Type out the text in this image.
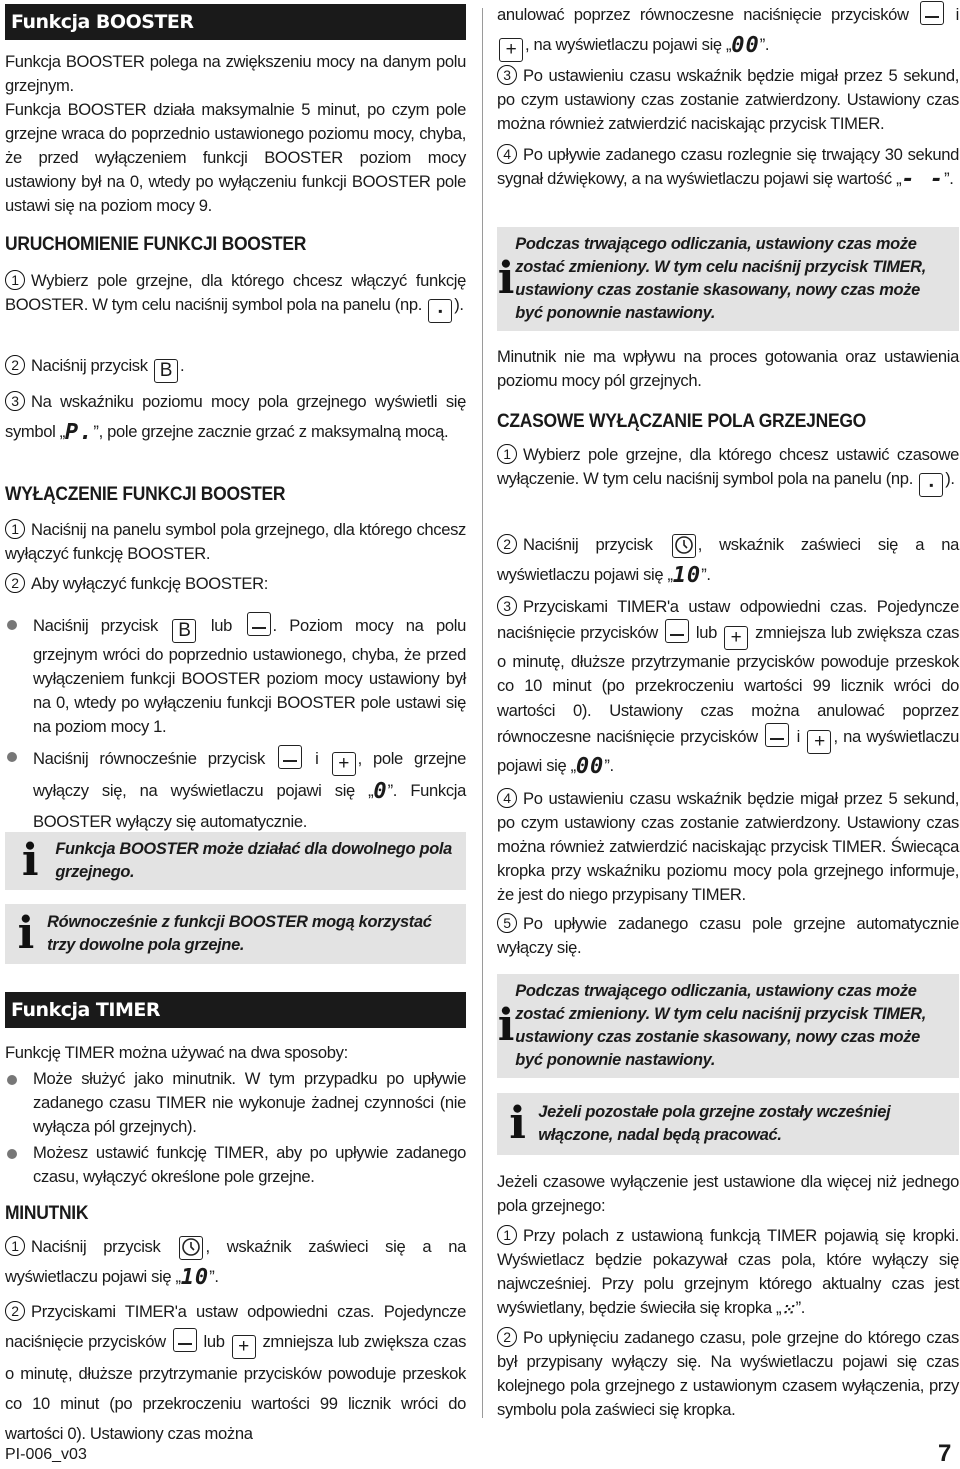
Funkcja BOOSTER

Funkcja BOOSTER polega na zwiększeniu mocy na danym polu grzejnym.

Funkcja BOOSTER działa maksymalnie 5 minut, po czym pole grzejne wraca do poprzednio ustawionego poziomu mocy, chyba, że przed wyłączeniem funkcji BOOSTER poziom mocy ustawiony był na 0, wtedy po wyłączeniu funkcji BOOSTER pole ustawi się na poziom mocy 9.

URUCHOMIENIE FUNKCJI BOOSTER

1 Wybierz pole grzejne, dla którego chcesz włączyć funkcję BOOSTER. W tym celu naciśnij symbol pola na panelu (np. ▪ ).

2 Naciśnij przycisk B .

3 Na wskaźniku poziomu mocy pola grzejnego wyświetli się symbol „P.”, pole grzejne zacznie grzać z maksymalną mocą.

WYŁĄCZENIE FUNKCJI BOOSTER

1 Naciśnij na panelu symbol pola grzejnego, dla którego chcesz wyłączyć funkcję BOOSTER.

2 Aby wyłączyć funkcję BOOSTER:

Naciśnij przycisk B lub . Poziom mocy na polu grzejnym wróci do poprzednio ustawionego, chyba, że przed wyłączeniem funkcji BOOSTER poziom mocy ustawiony był na 0, wtedy po wyłączeniu funkcji BOOSTER pole ustawi się na poziom mocy 1.

Naciśnij równocześnie przycisk	i + , pole grzejne wyłączy się, na wyświetlaczu pojawi się „0”. Funkcja BOOSTER wyłączy się automatycznie.

i Funkcja BOOSTER może działać dla dowolnego pola grzejnego.
i Równocześnie z funkcji BOOSTER mogą korzystać trzy dowolne pola grzejne.
Funkcja TIMER

Funkcję TIMER można używać na dwa sposoby:

Może służyć jako minutnik. W tym przypadku po upływie zadanego czasu TIMER nie wykonuje żadnej czynności (nie wyłącza pól grzejnych).

Możesz ustawić funkcję TIMER, aby po upływie zadanego czasu, wyłączyć określone pole grzejne.

MINUTNIK

1 Naciśnij przycisk	, wskaźnik zaświeci się a na wyświetlaczu pojawi się „10”.

2 Przyciskami TIMER'a ustaw odpowiedni czas. Pojedyncze naciśnięcie przycisków lub + zmniejsza lub zwiększa czas o minutę, dłuższe przytrzymanie przycisków powoduje przeskok co 10 minut (po przekroczeniu wartości 99 licznik wróci do wartości 0). Ustawiony czas można

anulować poprzez równoczesne naciśnięcie przycisków	i + , na wyświetlaczu pojawi się „00”.

3 Po ustawieniu czasu wskaźnik będzie migał przez 5 sekund, po czym ustawiony czas zostanie zatwierdzony. Ustawiony czas można również zatwierdzić naciskając przycisk TIMER.

4 Po upływie zadanego czasu rozlegnie się trwający 30 sekund sygnał dźwiękowy, a na wyświetlaczu pojawi się wartość „- -”.

i
Podczas trwającego odliczania, ustawiony czas może zostać zmieniony. W tym celu naciśnij przycisk TIMER, ustawiony czas zostanie skasowany, nowy czas może być ponownie nastawiony.

Minutnik nie ma wpływu na proces gotowania oraz ustawienia poziomu mocy pól grzejnych.

CZASOWE WYŁĄCZANIE POLA GRZEJNEGO

1 Wybierz pole grzejne, dla którego chcesz ustawić czasowe wyłączenie. W tym celu naciśnij symbol pola na panelu (np. ▪ ).

2 Naciśnij przycisk	, wskaźnik zaświeci się a na wyświetlaczu pojawi się „10”.

3 Przyciskami TIMER'a ustaw odpowiedni czas. Pojedyncze naciśnięcie przycisków lub + zmniejsza lub zwiększa czas o minutę, dłuższe przytrzymanie przycisków powoduje przeskok co 10 minut (po przekroczeniu wartości 99 licznik wróci do wartości 0). Ustawiony czas można anulować poprzez równoczesne naciśnięcie przycisków i + , na wyświetlaczu pojawi się „00”.

4 Po ustawieniu czasu wskaźnik będzie migał przez 5 sekund, po czym ustawiony czas zostanie zatwierdzony. Ustawiony czas można również zatwierdzić naciskając przycisk TIMER. Świecąca kropka przy wskaźniku poziomu mocy pola grzejnego informuje, że jest do niego przypisany TIMER.

5 Po upływie zadanego czasu pole grzejne automatycznie wyłączy się.

i
Podczas trwającego odliczania, ustawiony czas może zostać zmieniony. W tym celu naciśnij przycisk TIMER, ustawiony czas zostanie skasowany, nowy czas może być ponownie nastawiony.
i Jeżeli pozostałe pola grzejne zostały wcześniej włączone, nadal będą pracować.

Jeżeli czasowe wyłączenie jest ustawione dla więcej niż jednego pola grzejnego:

1 Przy polach z ustawioną funkcją TIMER pojawią się kropki. Wyświetlacz będzie pokazywał czas pola, które wyłączy się najwcześniej. Przy polu grzejnym którego aktualny czas jest wyświetlany, będzie świeciła się kropka „⁙”.

2 Po upłynięciu zadanego czasu, pole grzejne do którego czas był przypisany wyłączy się. Na wyświetlaczu pojawi się czas kolejnego pola grzejnego z ustawionym czasem wyłączenia, przy symbolu pola zaświeci się kropka.

PI-006_v03	7
